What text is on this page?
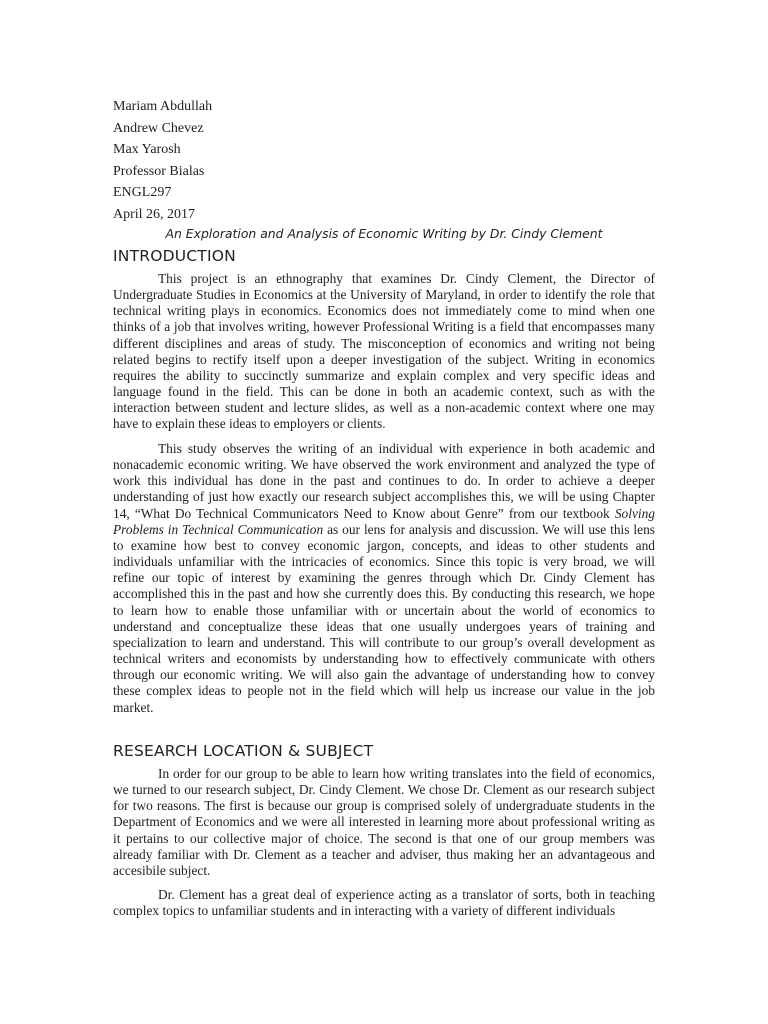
Mariam Abdullah
Andrew Chevez
Max Yarosh
Professor Bialas
ENGL297
April 26, 2017
An Exploration and Analysis of Economic Writing by Dr. Cindy Clement
INTRODUCTION

This project is an ethnography that examines Dr. Cindy Clement, the Director of Undergraduate Studies in Economics at the University of Maryland, in order to identify the role that technical writing plays in economics. Economics does not immediately come to mind when one thinks of a job that involves writing, however Professional Writing is a field that encompasses many different disciplines and areas of study. The misconception of economics and writing not being related begins to rectify itself upon a deeper investigation of the subject. Writing in economics requires the ability to succinctly summarize and explain complex and very specific ideas and language found in the field. This can be done in both an academic context, such as with the interaction between student and lecture slides, as well as a non-academic context where one may have to explain these ideas to employers or clients.

This study observes the writing of an individual with experience in both academic and nonacademic economic writing. We have observed the work environment and analyzed the type of work this individual has done in the past and continues to do. In order to achieve a deeper understanding of just how exactly our research subject accomplishes this, we will be using Chapter 14, “What Do Technical Communicators Need to Know about Genre” from our textbook Solving Problems in Technical Communication as our lens for analysis and discussion. We will use this lens to examine how best to convey economic jargon, concepts, and ideas to other students and individuals unfamiliar with the intricacies of economics. Since this topic is very broad, we will refine our topic of interest by examining the genres through which Dr. Cindy Clement has accomplished this in the past and how she currently does this. By conducting this research, we hope to learn how to enable those unfamiliar with or uncertain about the world of economics to understand and conceptualize these ideas that one usually undergoes years of training and specialization to learn and understand. This will contribute to our group’s overall development as technical writers and economists by understanding how to effectively communicate with others through our economic writing. We will also gain the advantage of understanding how to convey these complex ideas to people not in the field which will help us increase our value in the job market.

RESEARCH LOCATION & SUBJECT

In order for our group to be able to learn how writing translates into the field of economics, we turned to our research subject, Dr. Cindy Clement. We chose Dr. Clement as our research subject for two reasons. The first is because our group is comprised solely of undergraduate students in the Department of Economics and we were all interested in learning more about professional writing as it pertains to our collective major of choice. The second is that one of our group members was already familiar with Dr. Clement as a teacher and adviser, thus making her an advantageous and accesibile subject.

Dr. Clement has a great deal of experience acting as a translator of sorts, both in teaching complex topics to unfamiliar students and in interacting with a variety of different individuals
